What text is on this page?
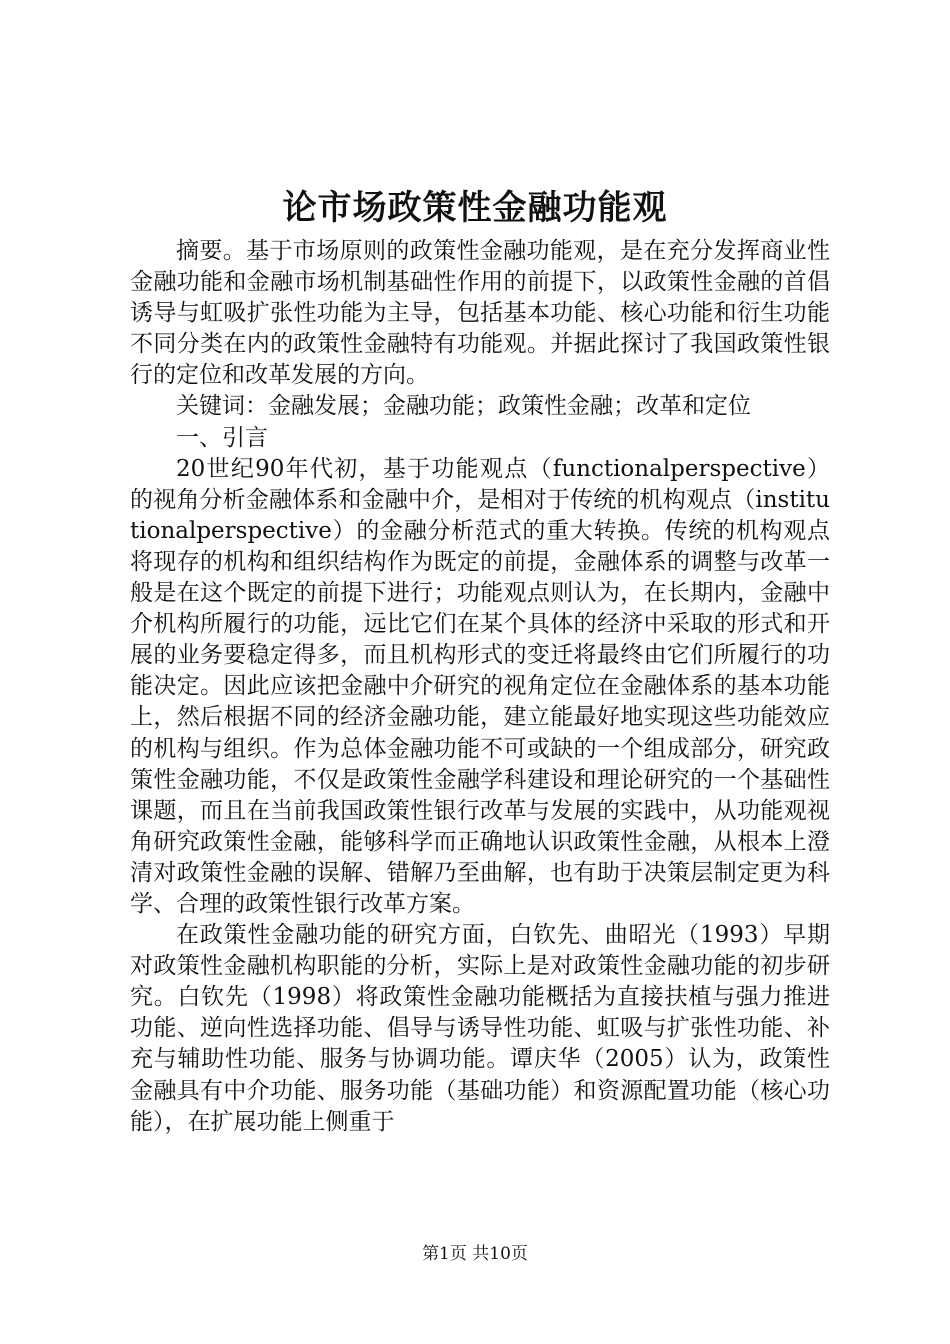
论市场政策性金融功能观

摘要。基于市场原则的政策性金融功能观，是在充分发挥商业性金融功能和金融市场机制基础性作用的前提下，以政策性金融的首倡诱导与虹吸扩张性功能为主导，包括基本功能、核心功能和衍生功能不同分类在内的政策性金融特有功能观。并据此探讨了我国政策性银行的定位和改革发展的方向。

关键词：金融发展；金融功能；政策性金融；改革和定位

一、引言

20世纪90年代初，基于功能观点（functionalperspective）的视角分析金融体系和金融中介，是相对于传统的机构观点（institutionalperspective）的金融分析范式的重大转换。传统的机构观点将现存的机构和组织结构作为既定的前提，金融体系的调整与改革一般是在这个既定的前提下进行；功能观点则认为，在长期内，金融中介机构所履行的功能，远比它们在某个具体的经济中采取的形式和开展的业务要稳定得多，而且机构形式的变迁将最终由它们所履行的功能决定。因此应该把金融中介研究的视角定位在金融体系的基本功能上，然后根据不同的经济金融功能，建立能最好地实现这些功能效应的机构与组织。作为总体金融功能不可或缺的一个组成部分，研究政策性金融功能，不仅是政策性金融学科建设和理论研究的一个基础性课题，而且在当前我国政策性银行改革与发展的实践中，从功能观视角研究政策性金融，能够科学而正确地认识政策性金融，从根本上澄清对政策性金融的误解、错解乃至曲解，也有助于决策层制定更为科学、合理的政策性银行改革方案。

在政策性金融功能的研究方面，白钦先、曲昭光（1993）早期对政策性金融机构职能的分析，实际上是对政策性金融功能的初步研究。白钦先（1998）将政策性金融功能概括为直接扶植与强力推进功能、逆向性选择功能、倡导与诱导性功能、虹吸与扩张性功能、补充与辅助性功能、服务与协调功能。谭庆华（2005）认为，政策性金融具有中介功能、服务功能（基础功能）和资源配置功能（核心功能），在扩展功能上侧重于

第1页 共10页
